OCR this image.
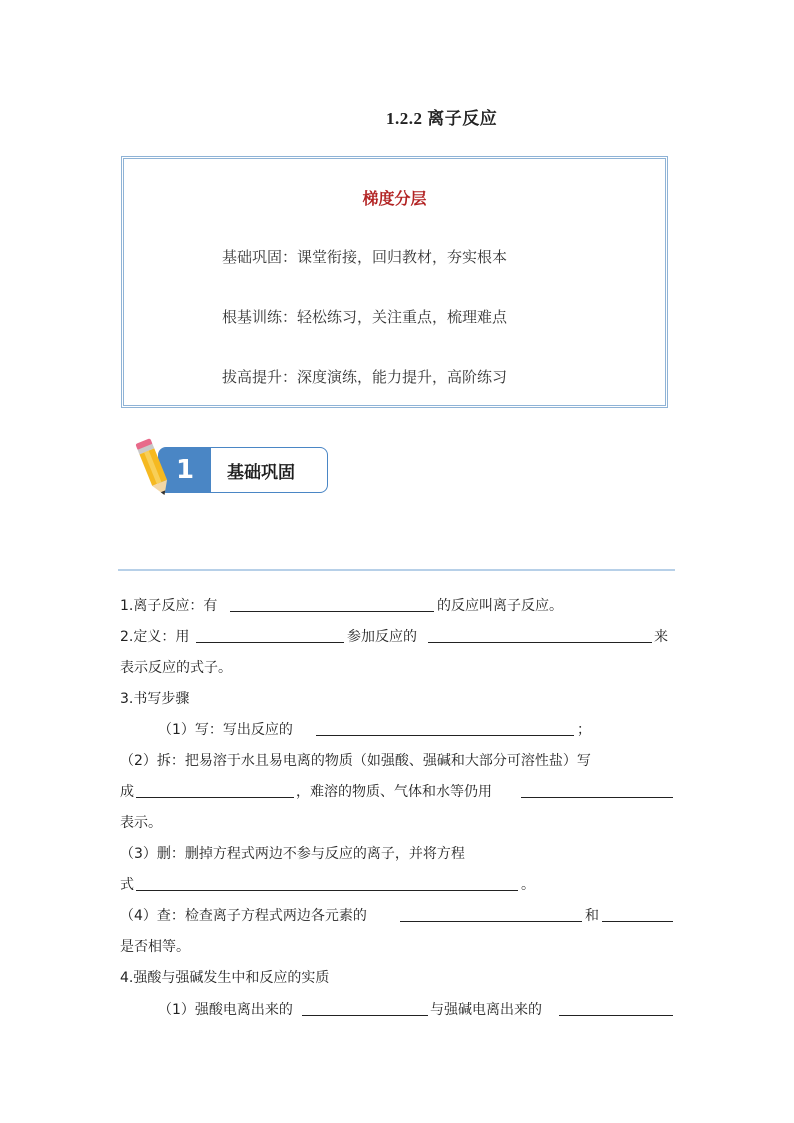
1.2.2 离子反应
梯度分层
基础巩固：课堂衔接，回归教材，夯实根本
根基训练：轻松练习，关注重点，梳理难点
拔高提升：深度演练，能力提升，高阶练习
1	基础巩固
1.离子反应：有	的反应叫离子反应。
2.定义：用	参加反应的	来
表示反应的式子。
3.书写步骤
（1）写：写出反应的	；
（2）拆：把易溶于水且易电离的物质（如强酸、强碱和大部分可溶性盐）写
成	，难溶的物质、气体和水等仍用
表示。
（3）删：删掉方程式两边不参与反应的离子，并将方程
式	。
（4）查：检查离子方程式两边各元素的	和
是否相等。
4.强酸与强碱发生中和反应的实质
（1）强酸电离出来的	与强碱电离出来的
